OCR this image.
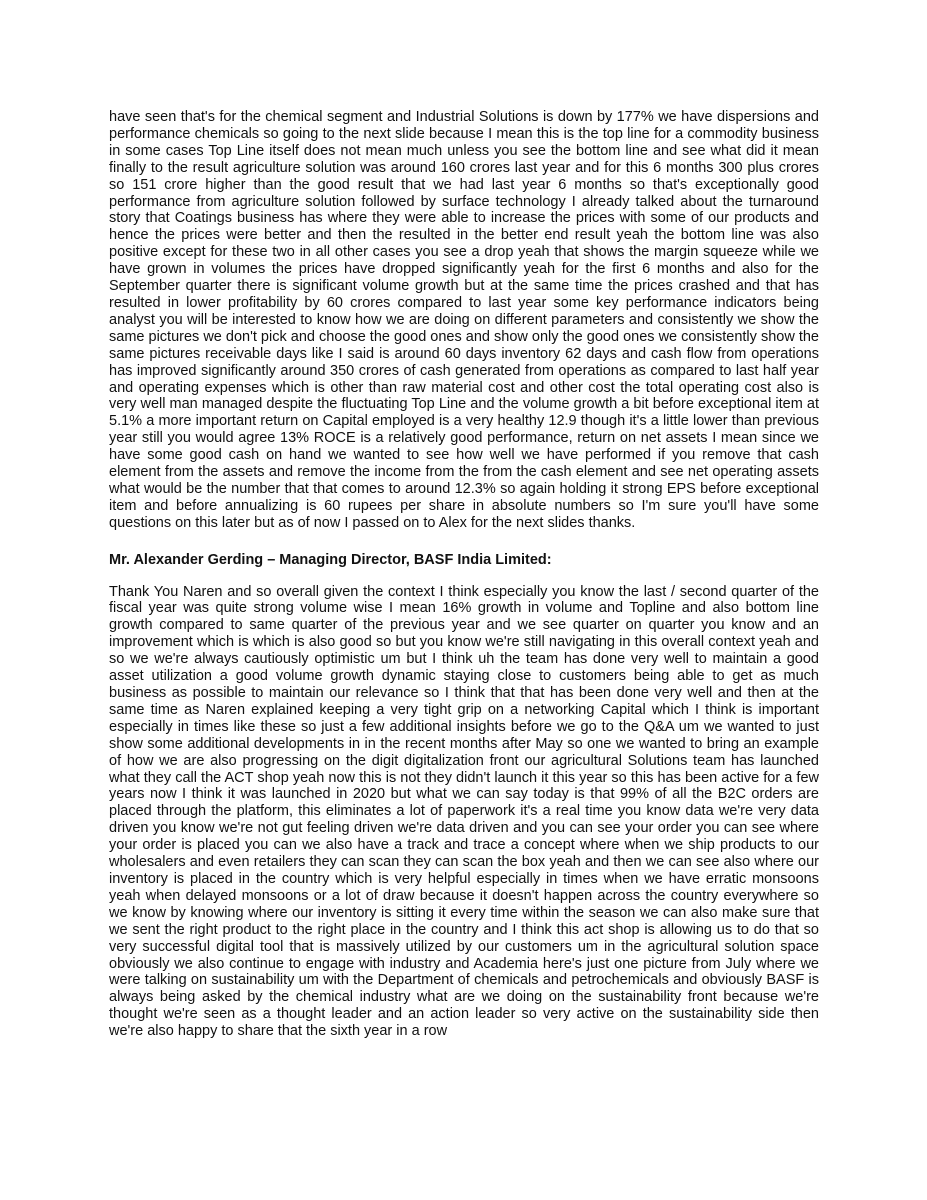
have seen that's for the chemical segment and Industrial Solutions is down by 177% we have dispersions and performance chemicals so going to the next slide because I mean this is the top line for a commodity business in some cases Top Line itself does not mean much unless you see the bottom line and see what did it mean finally to the result agriculture solution was around 160 crores last year and for this 6 months 300 plus crores so 151 crore higher than the good result that we had last year 6 months so that's exceptionally good performance from agriculture solution followed by surface technology I already talked about the turnaround story that Coatings business has where they were able to increase the prices with some of our products and hence the prices were better and then the resulted in the better end result yeah the bottom line was also positive except for these two in all other cases you see a drop yeah that shows the margin squeeze while we have grown in volumes the prices have dropped significantly yeah for the first 6 months and also for the September quarter there is significant volume growth but at the same time the prices crashed and that has resulted in lower profitability by 60 crores compared to last year some key performance indicators being analyst you will be interested to know how we are doing on different parameters and consistently we show the same pictures we don't pick and choose the good ones and show only the good ones we consistently show the same pictures receivable days like I said is around 60 days inventory 62 days and cash flow from operations has improved significantly around 350 crores of cash generated from operations as compared to last half year and operating expenses which is other than raw material cost and other cost the total operating cost also is very well man managed despite the fluctuating Top Line and the volume growth a bit before exceptional item at 5.1% a more important return on Capital employed is a very healthy 12.9 though it's a little lower than previous year still you would agree 13% ROCE is a relatively good performance, return on net assets I mean since we have some good cash on hand we wanted to see how well we have performed if you remove that cash element from the assets and remove the income from the from the cash element and see net operating assets what would be the number that that comes to around 12.3% so again holding it strong EPS before exceptional item and before annualizing is 60 rupees per share in absolute numbers so I'm sure you'll have some questions on this later but as of now I passed on to Alex for the next slides thanks.

Mr. Alexander Gerding – Managing Director, BASF India Limited:

Thank You Naren and so overall given the context I think especially you know the last / second quarter of the fiscal year was quite strong volume wise I mean 16% growth in volume and Topline and also bottom line growth compared to same quarter of the previous year and we see quarter on quarter you know and an improvement which is which is also good so but you know we're still navigating in this overall context yeah and so we we're always cautiously optimistic um but I think uh the team has done very well to maintain a good asset utilization a good volume growth dynamic staying close to customers being able to get as much business as possible to maintain our relevance so I think that that has been done very well and then at the same time as Naren explained keeping a very tight grip on a networking Capital which I think is important especially in times like these so just a few additional insights before we go to the Q&A um we wanted to just show some additional developments in in the recent months after May so one we wanted to bring an example of how we are also progressing on the digit digitalization front our agricultural Solutions team has launched what they call the ACT shop yeah now this is not they didn't launch it this year so this has been active for a few years now I think it was launched in 2020 but what we can say today is that 99% of all the B2C orders are placed through the platform, this eliminates a lot of paperwork it's a real time you know data we're very data driven you know we're not gut feeling driven we're data driven and you can see your order you can see where your order is placed you can we also have a track and trace a concept where when we ship products to our wholesalers and even retailers they can scan they can scan the box yeah and then we can see also where our inventory is placed in the country which is very helpful especially in times when we have erratic monsoons yeah when delayed monsoons or a lot of draw because it doesn't happen across the country everywhere so we know by knowing where our inventory is sitting it every time within the season we can also make sure that we sent the right product to the right place in the country and I think this act shop is allowing us to do that so very successful digital tool that is massively utilized by our customers um in the agricultural solution space obviously we also continue to engage with industry and Academia here's just one picture from July where we were talking on sustainability um with the Department of chemicals and petrochemicals and obviously BASF is always being asked by the chemical industry what are we doing on the sustainability front because we're thought we're seen as a thought leader and an action leader so very active on the sustainability side then we're also happy to share that the sixth year in a row
